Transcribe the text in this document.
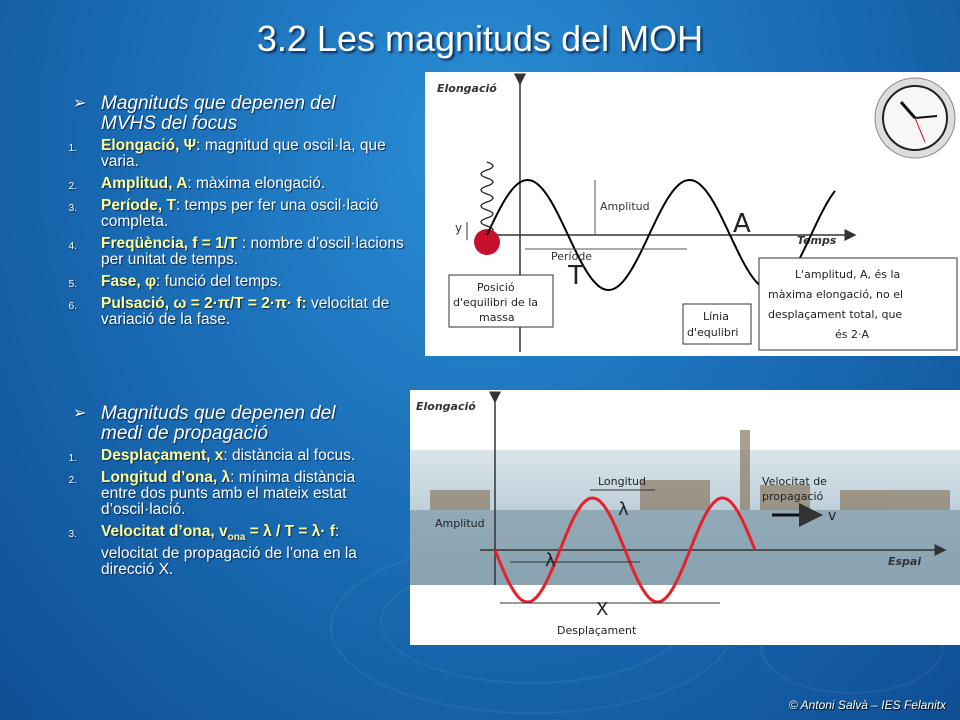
3.2 Les magnituds del MOH
➢ Magnituds que depenen del MVHS del focus
1. Elongació, Ψ: magnitud que oscil·la, que varia.
2. Amplitud, A: màxima elongació.
3. Període, T: temps per fer una oscil·lació completa.
4. Freqüència, f = 1/T : nombre d’oscil·lacions per unitat de temps.
5. Fase, φ: funció del temps.
6. Pulsació, ω = 2·π/T = 2·π· f: velocitat de variació de la fase.
➢ Magnituds que depenen del medi de propagació
Elongació
Temps
y
Amplitud
A
Període
T
Posició d'equilibri de la massa	Línia d'equlibri
L'amplitud, A, és la màxima elongació, no el desplaçament total, que és 2·A
Elongació
Espai
Amplitud
Longitud
λ
Velocitat de propagació
v
λ
X
Desplaçament
1. Desplaçament, x: distància al focus.
2. Longitud d’ona, λ: mínima distància entre dos punts amb el mateix estat d’oscil·lació.
3. Velocitat d’ona, $v_{ona} = \lambda / T = \lambda\cdot f$: velocitat de propagació de l’ona en la direcció X.
© Antoni Salvà – IES Felanitx
